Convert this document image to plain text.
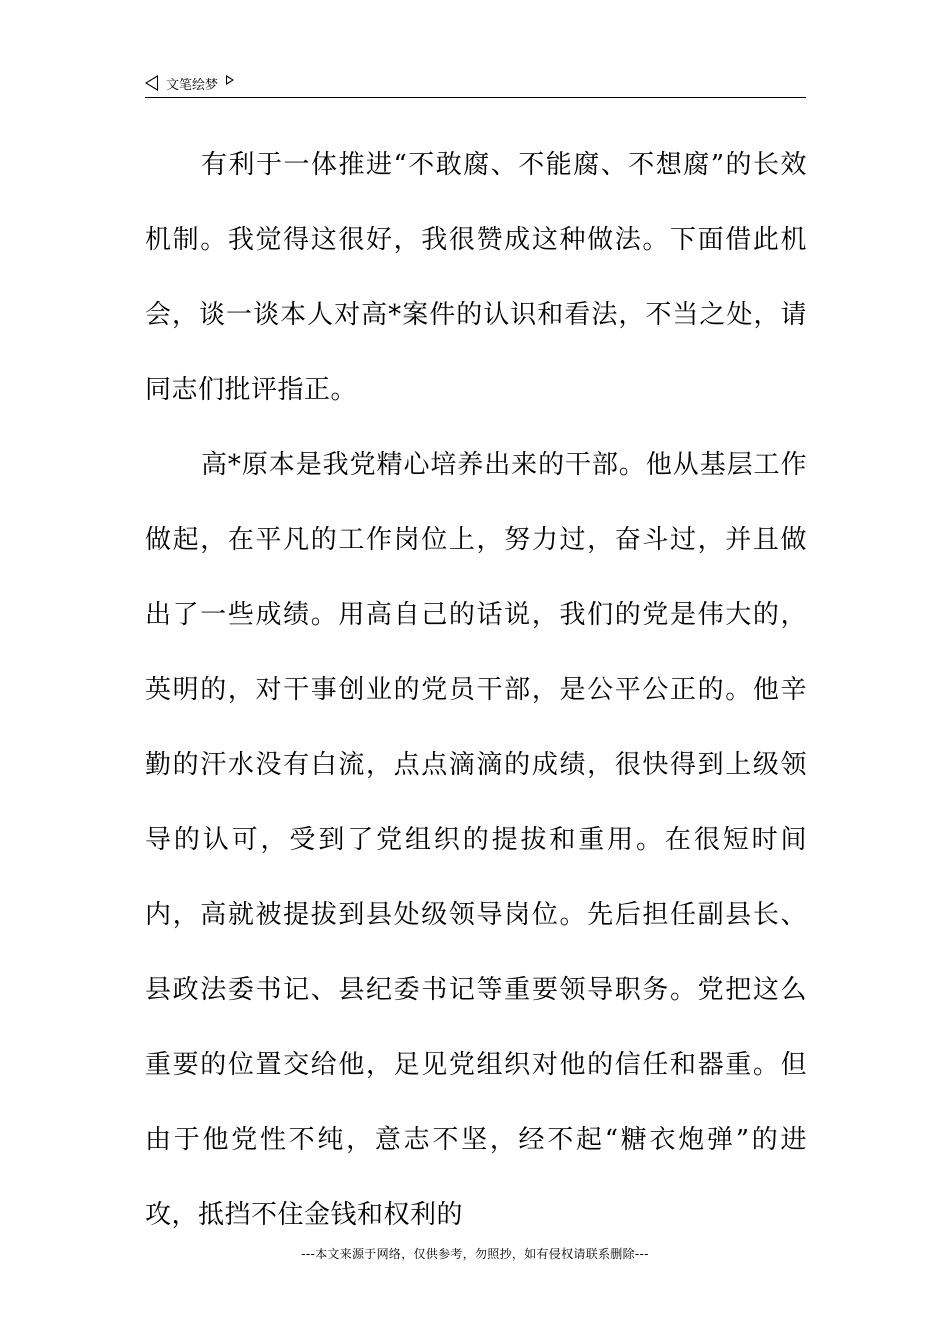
文笔绘梦

有利于一体推进“不敢腐、不能腐、不想腐”的长效机制。我觉得这很好，我很赞成这种做法。下面借此机会，谈一谈本人对高*案件的认识和看法，不当之处，请同志们批评指正。

高*原本是我党精心培养出来的干部。他从基层工作做起，在平凡的工作岗位上，努力过，奋斗过，并且做出了一些成绩。用高自己的话说，我们的党是伟大的，英明的，对干事创业的党员干部，是公平公正的。他辛勤的汗水没有白流，点点滴滴的成绩，很快得到上级领导的认可，受到了党组织的提拔和重用。在很短时间内，高就被提拔到县处级领导岗位。先后担任副县长、县政法委书记、县纪委书记等重要领导职务。党把这么重要的位置交给他，足见党组织对他的信任和器重。但由于他党性不纯，意志不坚，经不起“糖衣炮弹”的进攻，抵挡不住金钱和权利的

---本文来源于网络，仅供参考，勿照抄，如有侵权请联系删除---
